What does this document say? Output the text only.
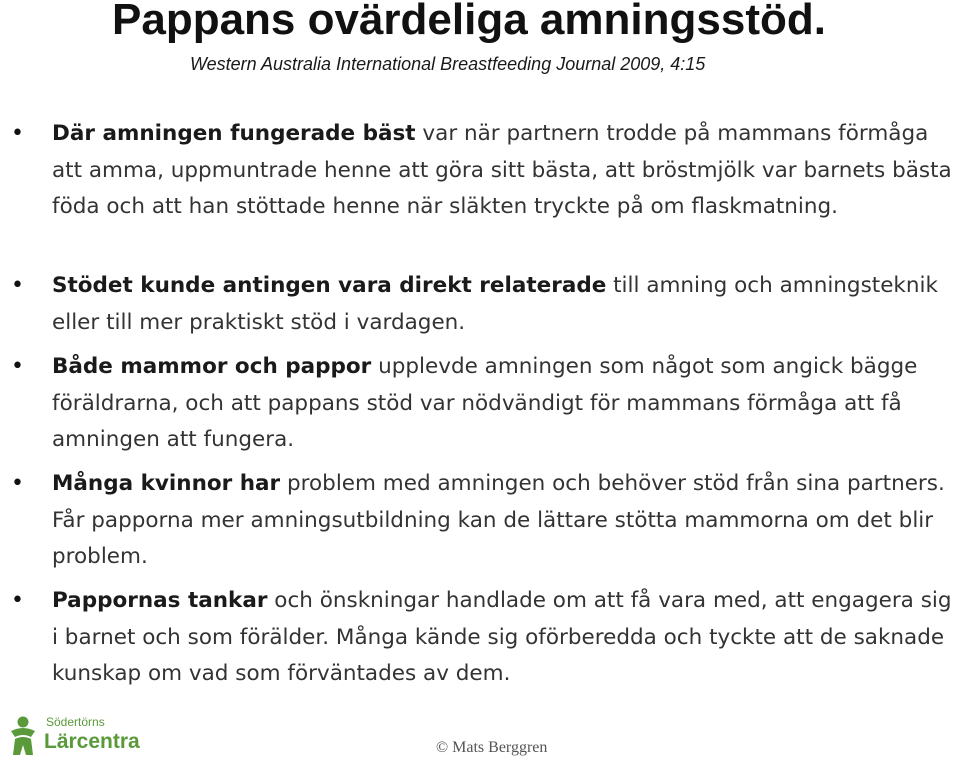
Pappans ovärdeliga amningsstöd.

Western Australia International Breastfeeding Journal 2009, 4:15

• Där amningen fungerade bäst var när partnern trodde på mammans förmåga att amma, uppmuntrade henne att göra sitt bästa, att bröstmjölk var barnets bästa föda och att han stöttade henne när släkten tryckte på om flaskmatning.
• Stödet kunde antingen vara direkt relaterade till amning och amningsteknik eller till mer praktiskt stöd i vardagen.
• Både mammor och pappor upplevde amningen som något som angick bägge föräldrarna, och att pappans stöd var nödvändigt för mammans förmåga att få amningen att fungera.
• Många kvinnor har problem med amningen och behöver stöd från sina partners. Får papporna mer amningsutbildning kan de lättare stötta mammorna om det blir problem.
• Pappornas tankar och önskningar handlade om att få vara med, att engagera sig i barnet och som förälder. Många kände sig oförberedda och tyckte att de saknade kunskap om vad som förväntades av dem.
Södertörns
Lärcentra	© Mats Berggren
